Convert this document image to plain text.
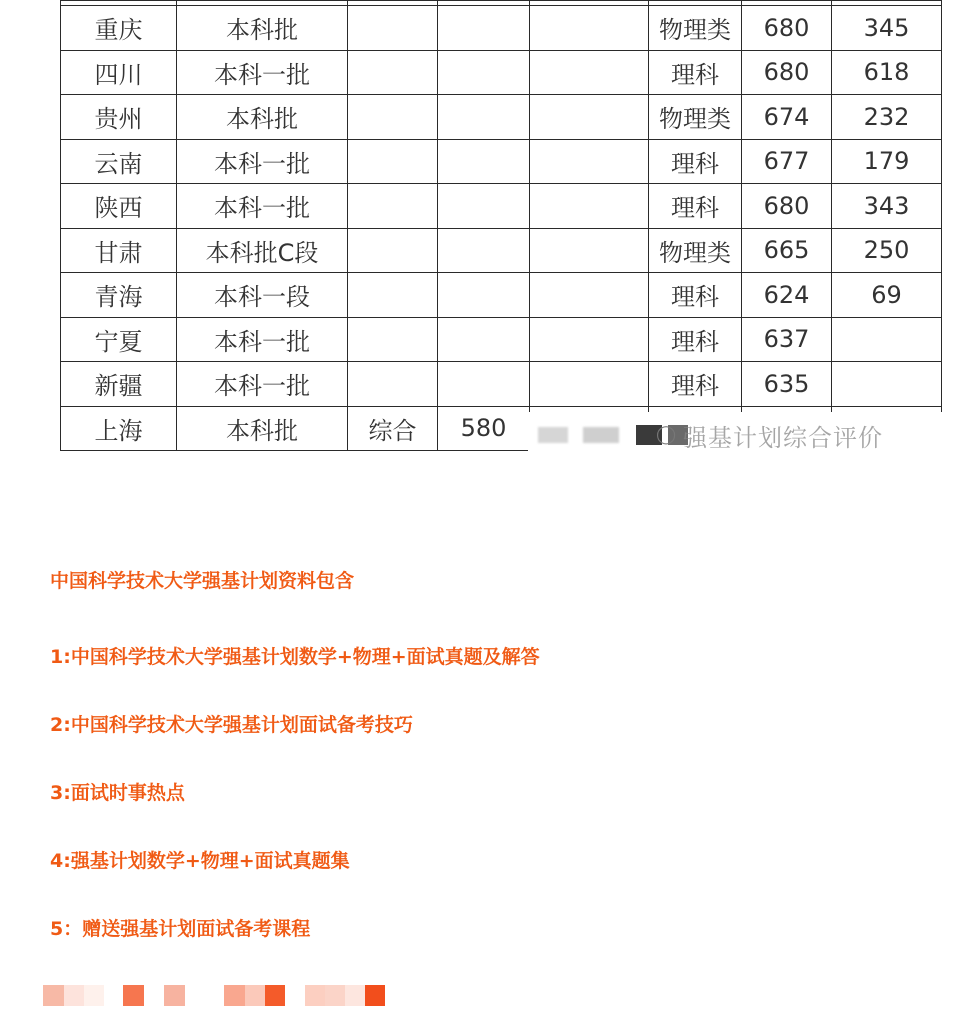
重庆	本科批				物理类	680	345
四川	本科一批				理科	680	618
贵州	本科批				物理类	674	232
云南	本科一批				理科	677	179
陕西	本科一批				理科	680	343
甘肃	本科批C段				物理类	665	250
青海	本科一段				理科	624	69
宁夏	本科一批				理科	637	
新疆	本科一批				理科	635	
上海	本科批	综合	580					◯ 强基计划综合评价
中国科学技术大学强基计划资料包含
1:中国科学技术大学强基计划数学+物理+面试真题及解答
2:中国科学技术大学强基计划面试备考技巧
3:面试时事热点
4:强基计划数学+物理+面试真题集
5：赠送强基计划面试备考课程
